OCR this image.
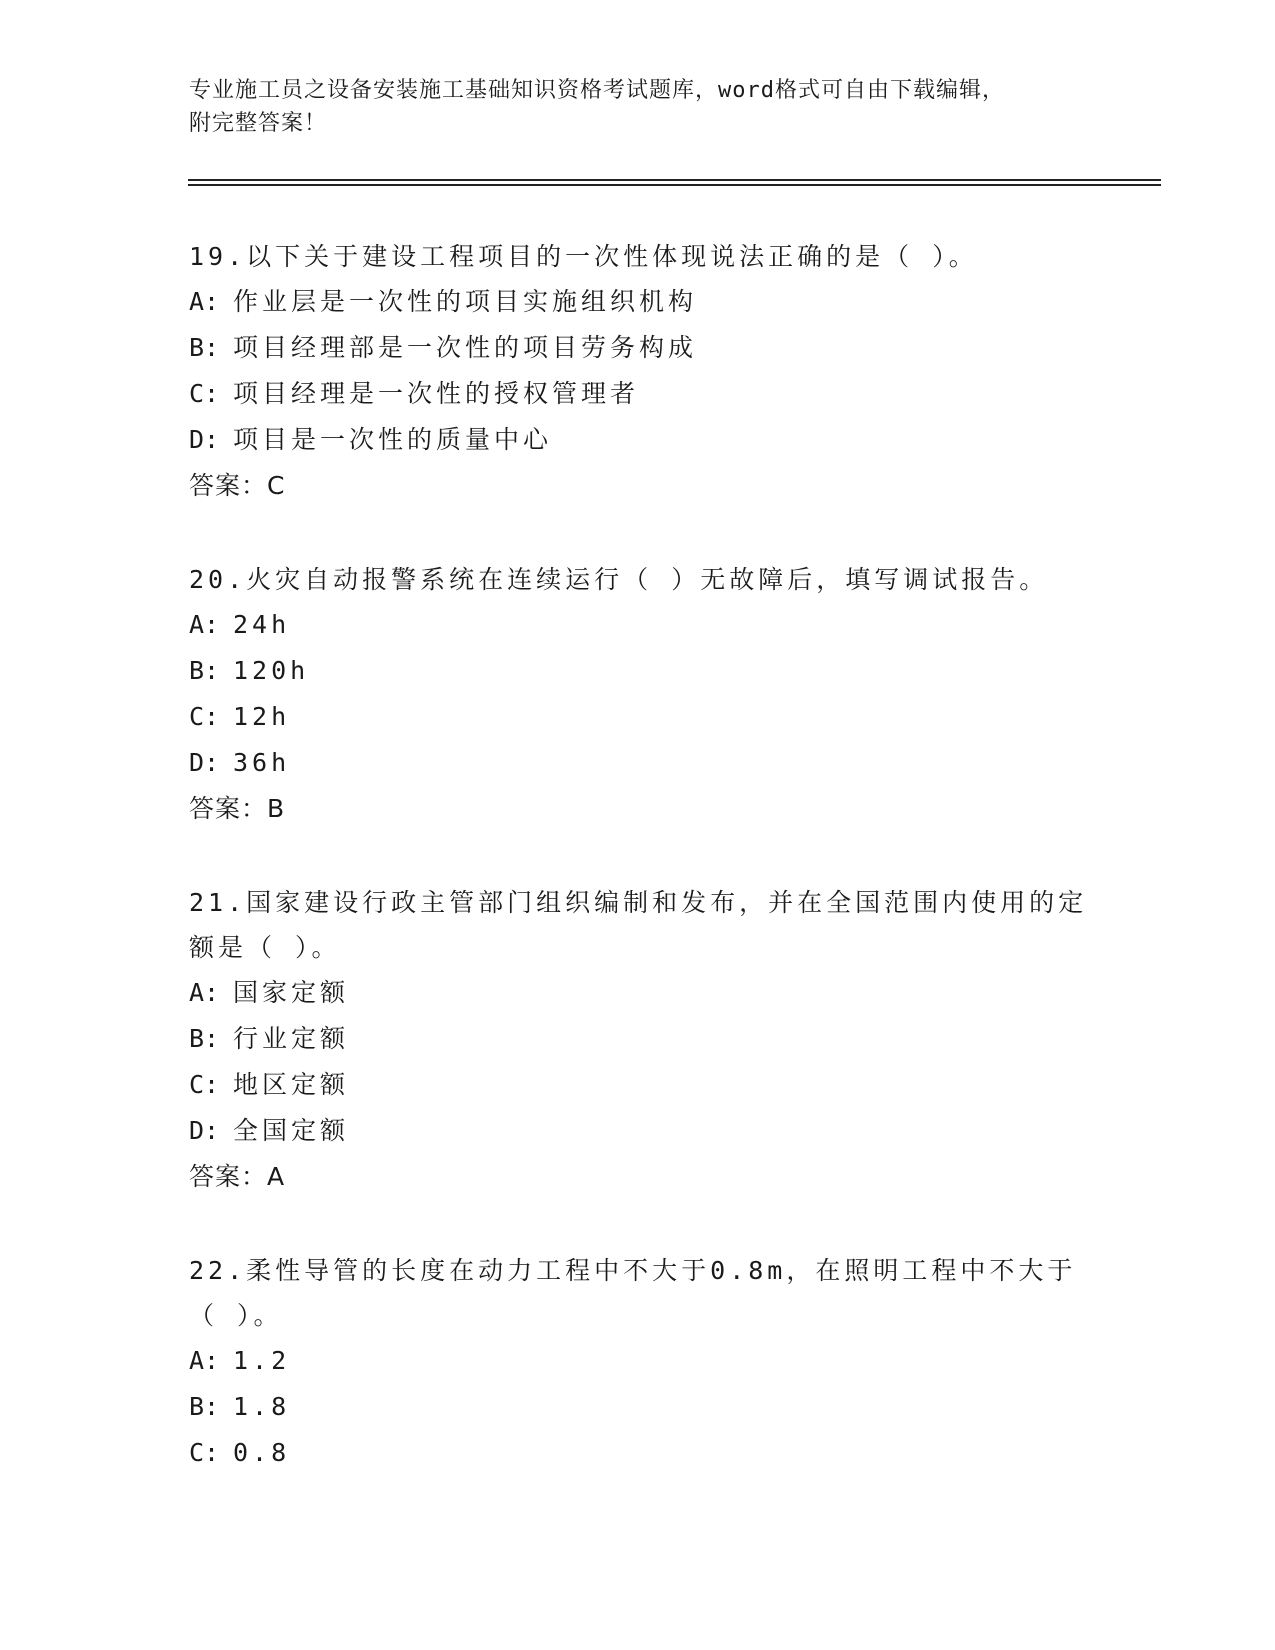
专业施工员之设备安装施工基础知识资格考试题库，word格式可自由下载编辑，
附完整答案！
19.以下关于建设工程项目的一次性体现说法正确的是（ ）。
A: 作业层是一次性的项目实施组织机构
B: 项目经理部是一次性的项目劳务构成
C: 项目经理是一次性的授权管理者
D: 项目是一次性的质量中心
答案：C
20.火灾自动报警系统在连续运行（ ）无故障后，填写调试报告。
A: 24h
B: 120h
C: 12h
D: 36h
答案：B
21.国家建设行政主管部门组织编制和发布，并在全国范围内使用的定额是（ ）。
A: 国家定额
B: 行业定额
C: 地区定额
D: 全国定额
答案：A
22.柔性导管的长度在动力工程中不大于0.8m，在照明工程中不大于（ ）。
A: 1.2
B: 1.8
C: 0.8
